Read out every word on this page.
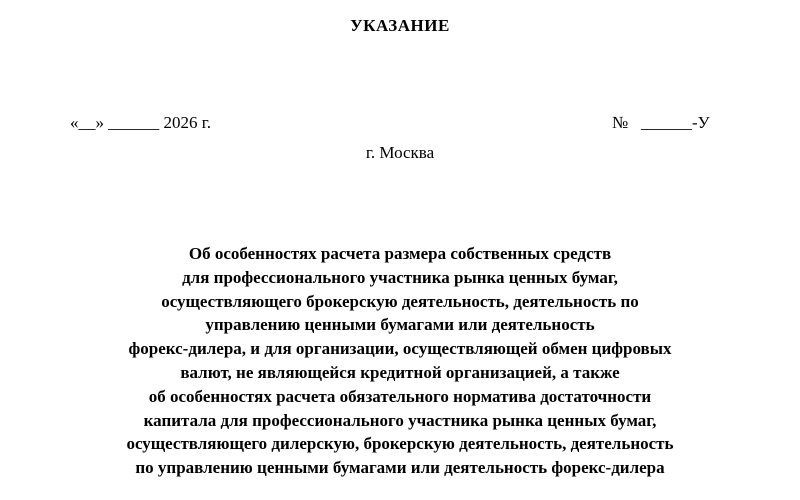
УКАЗАНИЕ
«__» ______ 2026 г.	№   ______-У
г. Москва
Об особенностях расчета размера собственных средств
для профессионального участника рынка ценных бумаг,
осуществляющего брокерскую деятельность, деятельность по
управлению ценными бумагами или деятельность
форекс-дилера, и для организации, осуществляющей обмен цифровых
валют, не являющейся кредитной организацией, а также
об особенностях расчета обязательного норматива достаточности
капитала для профессионального участника рынка ценных бумаг,
осуществляющего дилерскую, брокерскую деятельность, деятельность
по управлению ценными бумагами или деятельность форекс-дилера
